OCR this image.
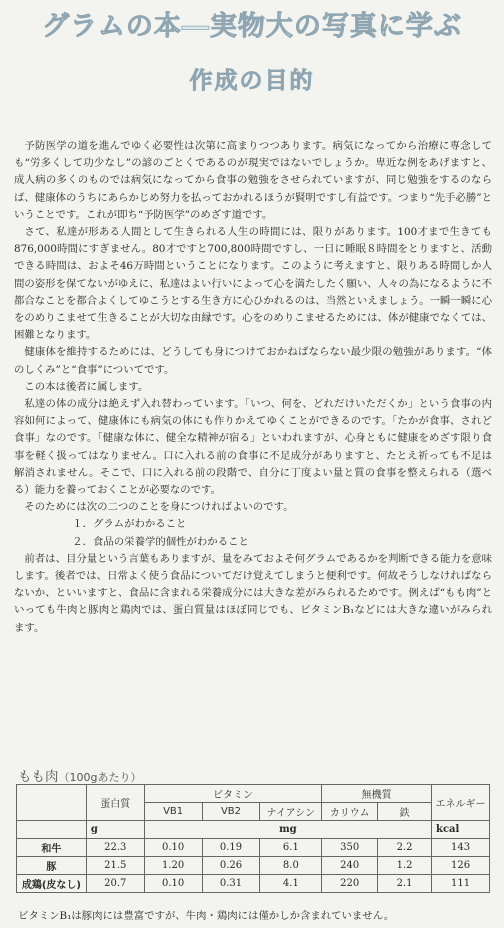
グラムの本―実物大の写真に学ぶ
作成の目的

予防医学の道を進んでゆく必要性は次第に高まりつつあります。病気になってから治療に専念しても“労多くして功少なし”の諺のごとくであるのが現実ではないでしょうか。卑近な例をあげますと、成人病の多くのものでは病気になってから食事の勉強をさせられていますが、同じ勉強をするのならば、健康体のうちにあらかじめ努力を払っておかれるほうが賢明ですし有益です。つまり“先手必勝”ということです。これが即ち“予防医学”のめざす道です。

さて、私達が形ある人間として生きられる人生の時間には、限りがあります。100才まで生きても876,000時間にすぎません。80才ですと700,800時間ですし、一日に睡眠８時間をとりますと、活動できる時間は、およそ46万時間ということになります。このように考えますと、限りある時間しか人間の姿形を保てないがゆえに、私達はよい行いによって心を満たしたく願い、人々の為になるように不都合なことを都合よくしてゆこうとする生き方に心ひかれるのは、当然といえましょう。一瞬一瞬に心をのめりこませて生きることが大切な由縁です。心をのめりこませるためには、体が健康でなくては、困難となります。

健康体を維持するためには、どうしても身につけておかねばならない最少限の勉強があります。“体のしくみ”と“食事”についてです。

この本は後者に属します。

私達の体の成分は絶えず入れ替わっています。「いつ、何を、どれだけいただくか」という食事の内容如何によって、健康体にも病気の体にも作りかえてゆくことができるのです。「たかが食事、されど食事」なのです。「健康な体に、健全な精神が宿る」といわれますが、心身ともに健康をめざす限り食事を軽く扱ってはなりません。口に入れる前の食事に不足成分がありますと、たとえ祈っても不足は解消されません。そこで、口に入れる前の段階で、自分に丁度よい量と質の食事を整えられる（選べる）能力を養っておくことが必要なのです。

そのためには次の二つのことを身につければよいのです。

１．グラムがわかること

２．食品の栄養学的個性がわかること

前者は、目分量という言葉もありますが、量をみておよそ何グラムであるかを判断できる能力を意味します。後者では、日常よく使う食品についてだけ覚えてしまうと便利です。何故そうしなければならないか、といいますと、食品に含まれる栄養成分には大きな差がみられるためです。例えば“もも肉”といっても牛肉と豚肉と鶏肉では、蛋白質量はほぼ同じでも、ビタミンB₁などには大きな違いがみられます。

もも肉（100gあたり）
	蛋白質	ビタミン			無機質		エネルギー
		VB1	VB2	ナイアシン	カリウム	鉄	
	g	mg					kcal
和牛	22.3	0.10	0.19	6.1	350	2.2	143
豚	21.5	1.20	0.26	8.0	240	1.2	126
成鶏(皮なし)	20.7	0.10	0.31	4.1	220	2.1	111
ビタミンB₁は豚肉には豊富ですが、牛肉・鶏肉には僅かしか含まれていません。
